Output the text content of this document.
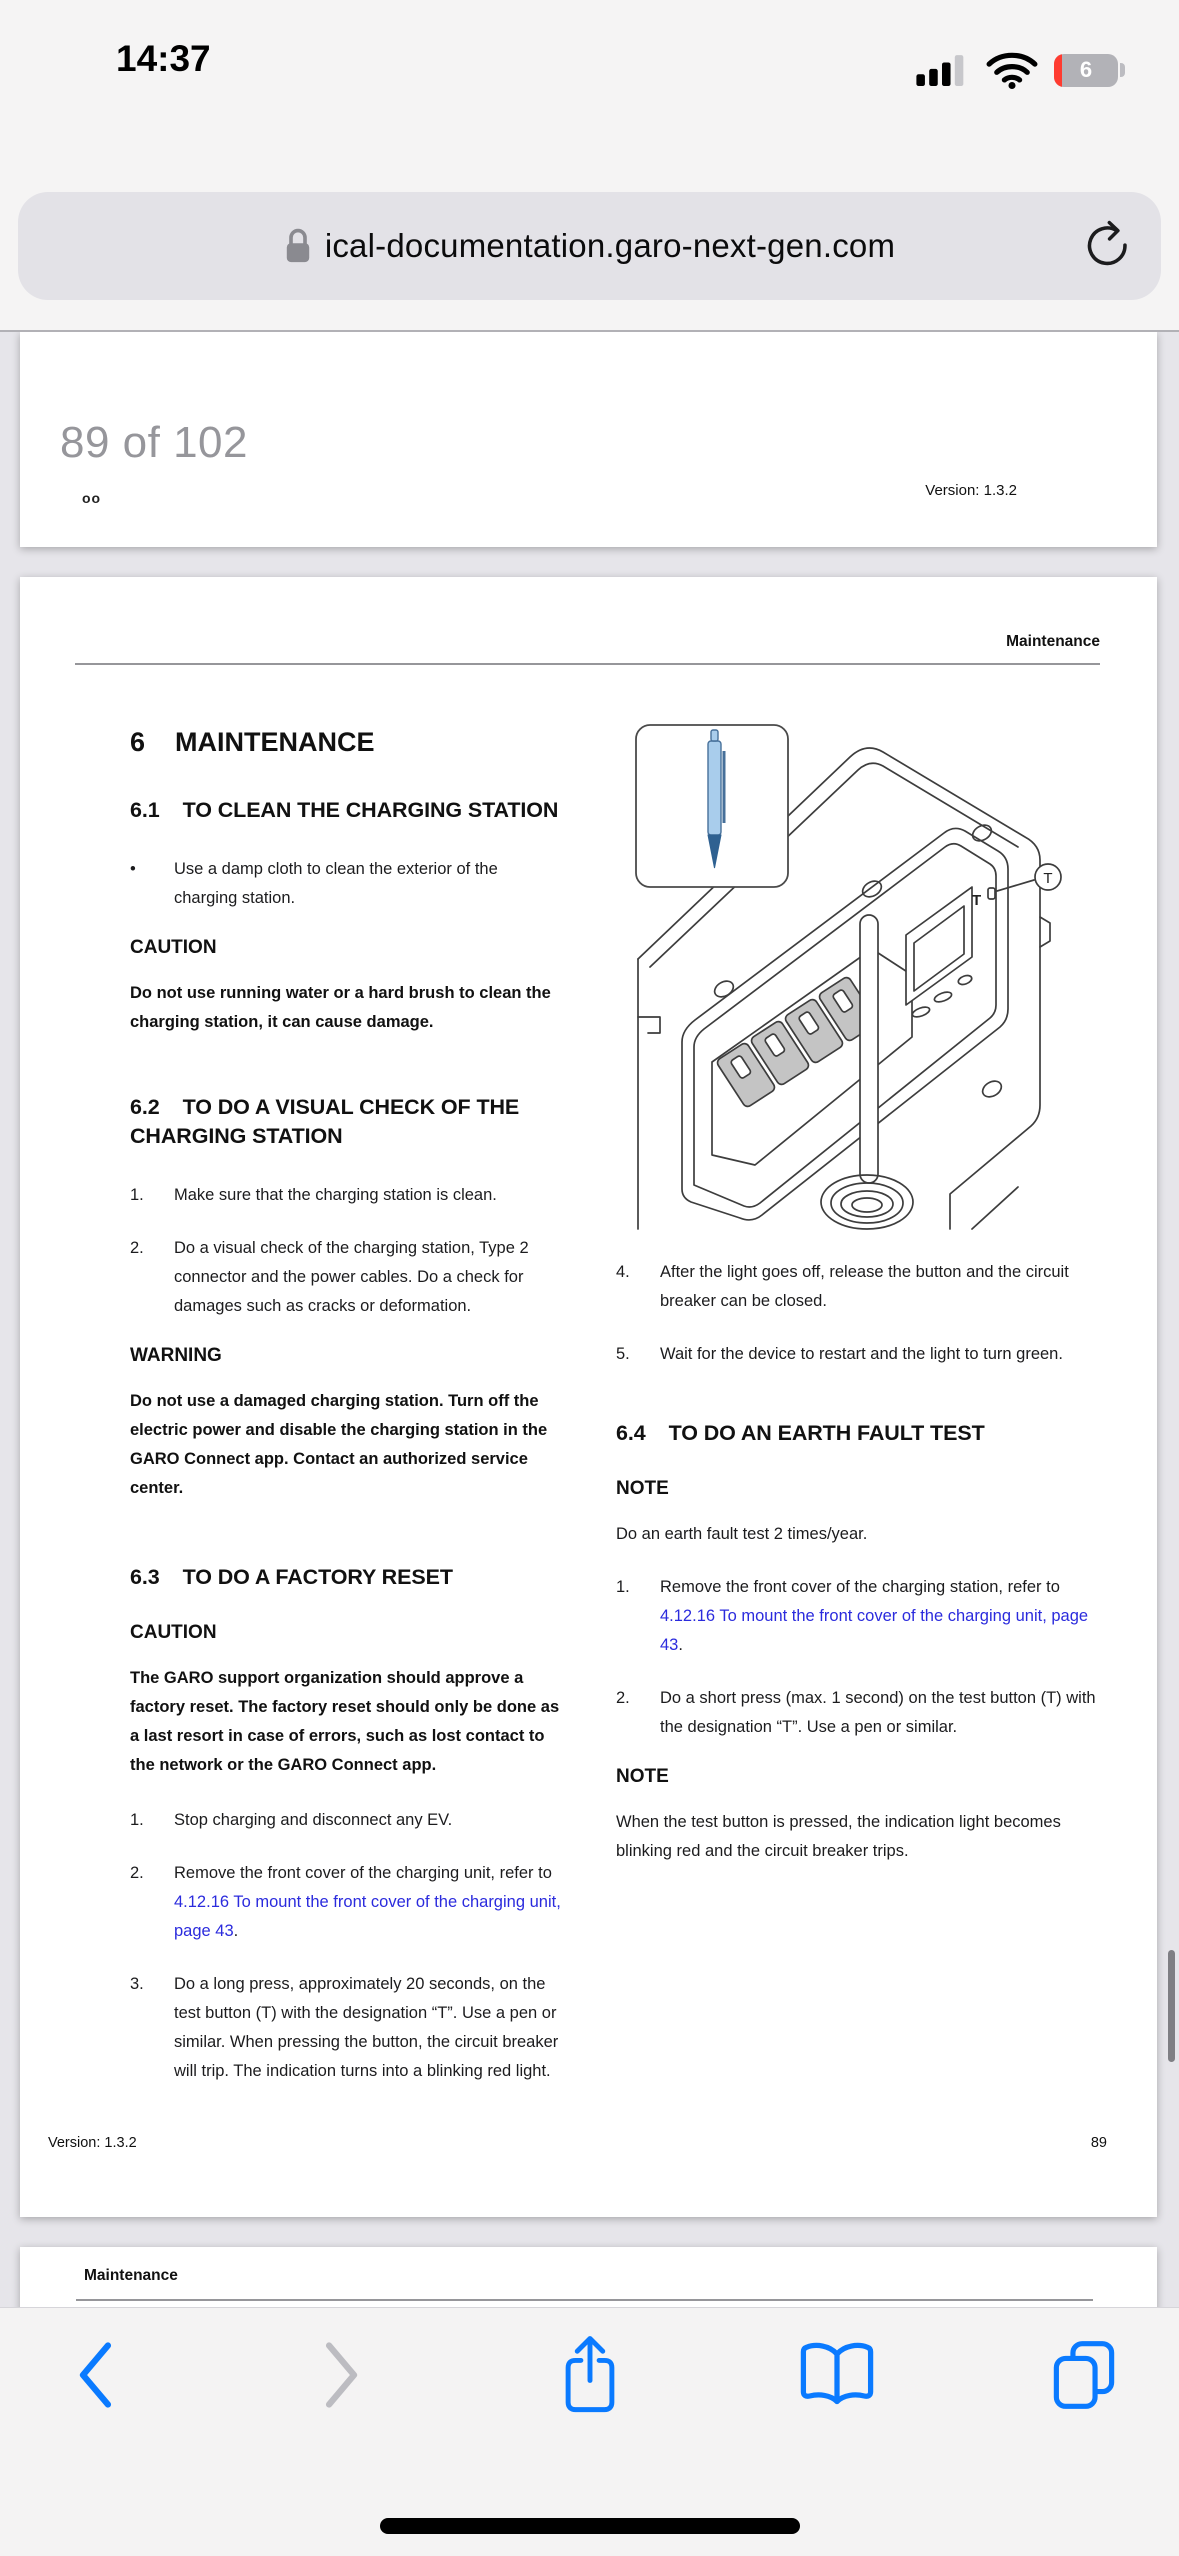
14:37	6
ical-documentation.garo-next-gen.com
89 of 102
oo	Version: 1.3.2
Maintenance
6 MAINTENANCE
6.1 TO CLEAN THE CHARGING STATION
•	Use a damp cloth to clean the exterior of the charging station.
CAUTION

Do not use running water or a hard brush to clean the charging station, it can cause damage.

6.2 TO DO A VISUAL CHECK OF THE CHARGING STATION
1.	Make sure that the charging station is clean.
2.	Do a visual check of the charging station, Type 2 connector and the power cables. Do a check for damages such as cracks or deformation.
WARNING

Do not use a damaged charging station. Turn off the electric power and disable the charging station in the GARO Connect app. Contact an authorized service center.

6.3 TO DO A FACTORY RESET
CAUTION

The GARO support organization should approve a factory reset. The factory reset should only be done as a last resort in case of errors, such as lost contact to the network or the GARO Connect app.

1.	Stop charging and disconnect any EV.
2.	Remove the front cover of the charging unit, refer to 4.12.16 To mount the front cover of the charging unit, page 43.
3.	Do a long press, approximately 20 seconds, on the test button (T) with the designation “T”. Use a pen or similar. When pressing the button, the circuit breaker will trip. The indication turns into a blinking red light.
T
T
4.	After the light goes off, release the button and the circuit breaker can be closed.
5.	Wait for the device to restart and the light to turn green.
6.4 TO DO AN EARTH FAULT TEST
NOTE

Do an earth fault test 2 times/year.

1.	Remove the front cover of the charging station, refer to 4.12.16 To mount the front cover of the charging unit, page 43.
2.	Do a short press (max. 1 second) on the test button (T) with the designation “T”. Use a pen or similar.
NOTE

When the test button is pressed, the indication light becomes blinking red and the circuit breaker trips.

Version: 1.3.2	89
Maintenance
